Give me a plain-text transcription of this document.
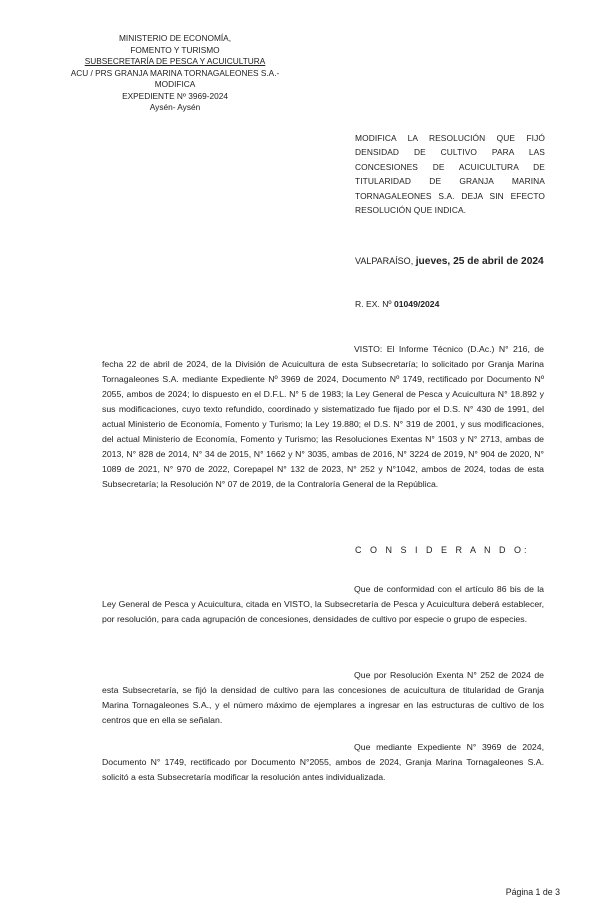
MINISTERIO DE ECONOMÍA,
FOMENTO Y TURISMO
SUBSECRETARÍA DE PESCA Y ACUICULTURA
ACU / PRS GRANJA MARINA TORNAGALEONES S.A.- MODIFICA
EXPEDIENTE Nº 3969-2024
Aysén- Aysén
MODIFICA LA RESOLUCIÓN QUE FIJÓ
DENSIDAD DE CULTIVO PARA LAS
CONCESIONES DE ACUICULTURA DE
TITULARIDAD DE GRANJA MARINA
TORNAGALEONES S.A. DEJA SIN EFECTO
RESOLUCIÓN QUE INDICA.
VALPARAÍSO, jueves, 25 de abril de 2024
R. EX. Nº 01049/2024
VISTO: El Informe Técnico (D.Ac.) N° 216, de fecha 22 de abril de 2024, de la División de Acuicultura de esta Subsecretaría; lo solicitado por Granja Marina Tornagaleones S.A. mediante Expediente Nº 3969 de 2024, Documento Nº 1749, rectificado por Documento Nº 2055, ambos de 2024; lo dispuesto en el D.F.L. N° 5 de 1983; la Ley General de Pesca y Acuicultura N° 18.892 y sus modificaciones, cuyo texto refundido, coordinado y sistematizado fue fijado por el D.S. N° 430 de 1991, del actual Ministerio de Economía, Fomento y Turismo; la Ley 19.880; el D.S. N° 319 de 2001, y sus modificaciones, del actual Ministerio de Economía, Fomento y Turismo; las Resoluciones Exentas N° 1503 y N° 2713, ambas de 2013, N° 828 de 2014, N° 34 de 2015, N° 1662 y N° 3035, ambas de 2016, N° 3224 de 2019, N° 904 de 2020, N° 1089 de 2021, N° 970 de 2022, Corepapel N° 132 de 2023, N° 252 y N°1042, ambos de 2024, todas de esta Subsecretaría; la Resolución N° 07 de 2019, de la Contraloría General de la República.
C O N S I D E R A N D O:
Que de conformidad con el artículo 86 bis de la Ley General de Pesca y Acuicultura, citada en VISTO, la Subsecretaría de Pesca y Acuicultura deberá establecer, por resolución, para cada agrupación de concesiones, densidades de cultivo por especie o grupo de especies.
Que por Resolución Exenta N° 252 de 2024 de esta Subsecretaría, se fijó la densidad de cultivo para las concesiones de acuicultura de titularidad de Granja Marina Tornagaleones S.A., y el número máximo de ejemplares a ingresar en las estructuras de cultivo de los centros que en ella se señalan.
Que mediante Expediente N° 3969 de 2024, Documento N° 1749, rectificado por Documento N°2055, ambos de 2024, Granja Marina Tornagaleones S.A. solicitó a esta Subsecretaría modificar la resolución antes individualizada.
Página 1 de 3
